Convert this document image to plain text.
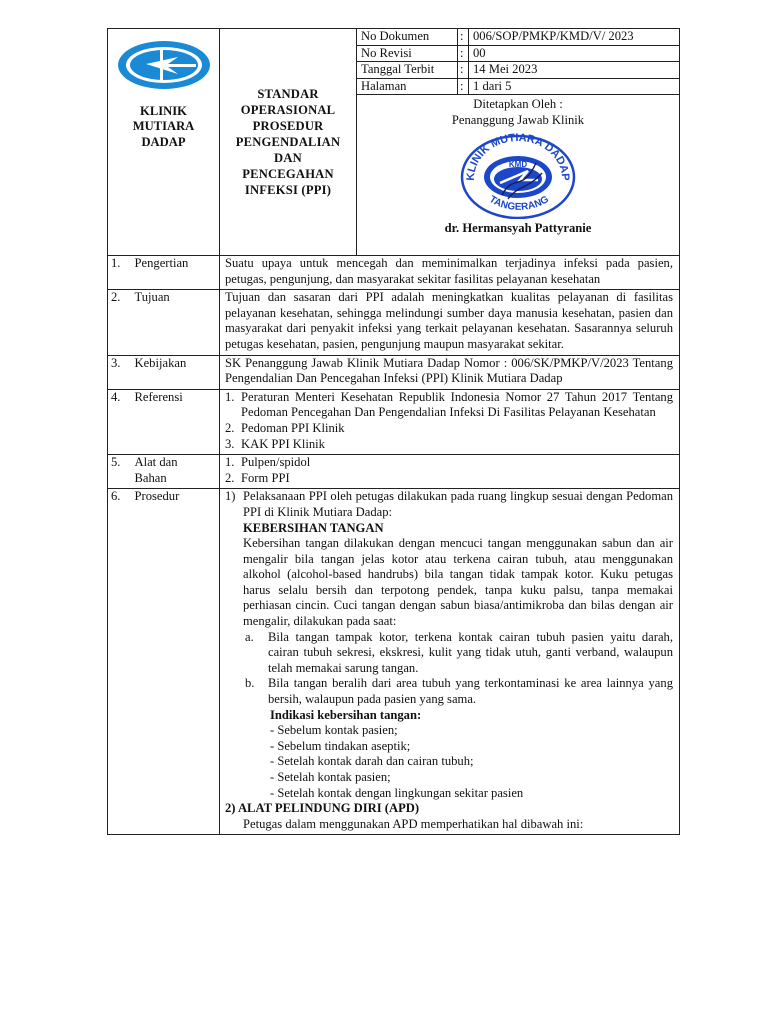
KLINIK
MUTIARA
DADAP

STANDAR
OPERASIONAL
PROSEDUR
PENGENDALIAN
DAN
PENCEGAHAN
INFEKSI (PPI)

No Dokumen	:	006/SOP/PMKP/KMD/V/ 2023
No Revisi	:	00
Tanggal Terbit	:	14 Mei 2023
Halaman	:	1 dari 5
Ditetapkan Oleh :
Penanggung Jawab Klinik
KMD
KLINIK MUTIARA DADAP
TANGERANG
dr. Hermansyah Pattyranie

1.	Pengertian	Suatu upaya untuk mencegah dan meminimalkan terjadinya infeksi pada pasien, petugas, pengunjung, dan masyarakat sekitar fasilitas pelayanan kesehatan
2.	Tujuan	Tujuan dan sasaran dari PPI adalah meningkatkan kualitas pelayanan di fasilitas pelayanan kesehatan, sehingga melindungi sumber daya manusia kesehatan, pasien dan masyarakat dari penyakit infeksi yang terkait pelayanan kesehatan. Sasarannya seluruh petugas kesehatan, pasien, pengunjung maupun masyarakat sekitar.
3.	Kebijakan	SK Penanggung Jawab Klinik Mutiara Dadap Nomor : 006/SK/PMKP/V/2023 Tentang Pengendalian Dan Pencegahan Infeksi (PPI) Klinik Mutiara Dadap
4.	Referensi	1. Peraturan Menteri Kesehatan Republik Indonesia Nomor 27 Tahun 2017 Tentang Pedoman Pencegahan Dan Pengendalian Infeksi Di Fasilitas Pelayanan Kesehatan
2. Pedoman PPI Klinik
3. KAK PPI Klinik

5.	Alat dan
Bahan

1. Pulpen/spidol
2. Form PPI

6.	Prosedur	1) Pelaksanaan PPI oleh petugas dilakukan pada ruang lingkup sesuai dengan Pedoman PPI di Klinik Mutiara Dadap:
KEBERSIHAN TANGAN
Kebersihan tangan dilakukan dengan mencuci tangan menggunakan sabun dan air mengalir bila tangan jelas kotor atau terkena cairan tubuh, atau menggunakan alkohol (alcohol-based handrubs) bila tangan tidak tampak kotor. Kuku petugas harus selalu bersih dan terpotong pendek, tanpa kuku palsu, tanpa memakai perhiasan cincin. Cuci tangan dengan sabun biasa/antimikroba dan bilas dengan air mengalir, dilakukan pada saat:
a.	Bila tangan tampak kotor, terkena kontak cairan tubuh pasien yaitu darah, cairan tubuh sekresi, ekskresi, kulit yang tidak utuh, ganti verband, walaupun telah memakai sarung tangan.
b.	Bila tangan beralih dari area tubuh yang terkontaminasi ke area lainnya yang bersih, walaupun pada pasien yang sama.
Indikasi kebersihan tangan:
- Sebelum kontak pasien;
- Sebelum tindakan aseptik;
- Setelah kontak darah dan cairan tubuh;
- Setelah kontak pasien;
- Setelah kontak dengan lingkungan sekitar pasien
2) ALAT PELINDUNG DIRI (APD)
Petugas dalam menggunakan APD memperhatikan hal dibawah ini:
